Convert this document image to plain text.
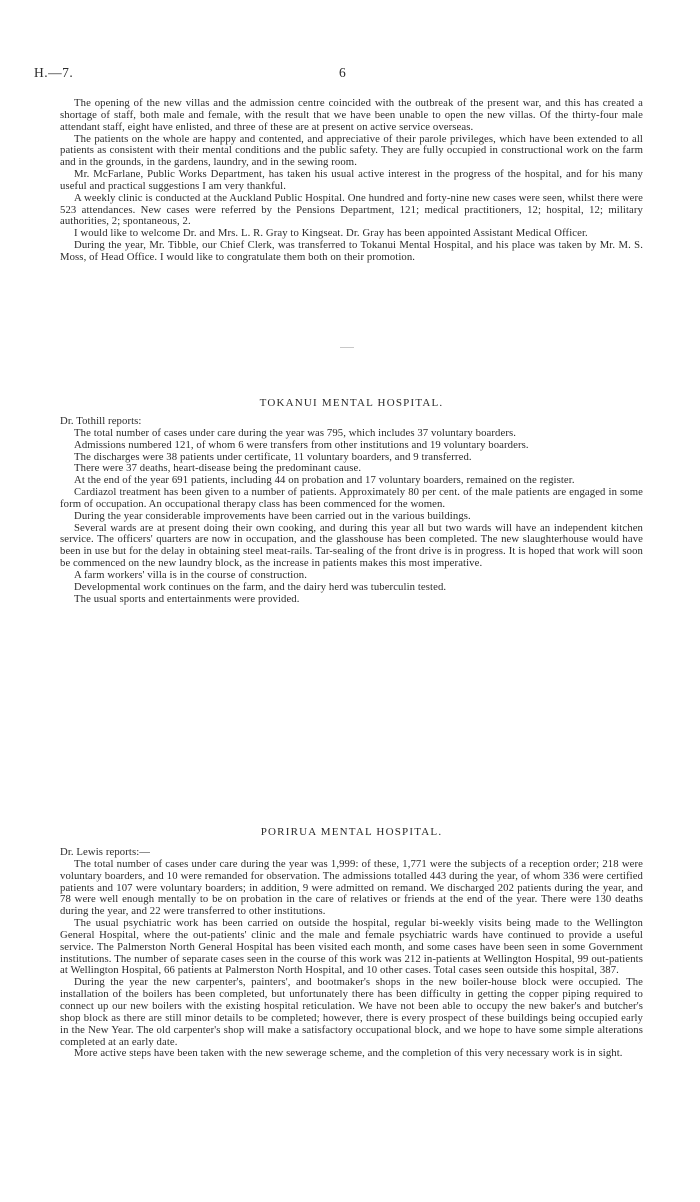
H.—7.	6

The opening of the new villas and the admission centre coincided with the outbreak of the present war, and this has created a shortage of staff, both male and female, with the result that we have been unable to open the new villas. Of the thirty-four male attendant staff, eight have enlisted, and three of these are at present on active service overseas.

The patients on the whole are happy and contented, and appreciative of their parole privileges, which have been extended to all patients as consistent with their mental conditions and the public safety. They are fully occupied in constructional work on the farm and in the grounds, in the gardens, laundry, and in the sewing room.

Mr. McFarlane, Public Works Department, has taken his usual active interest in the progress of the hospital, and for his many useful and practical suggestions I am very thankful.

A weekly clinic is conducted at the Auckland Public Hospital. One hundred and forty-nine new cases were seen, whilst there were 523 attendances. New cases were referred by the Pensions Department, 121; medical practitioners, 12; hospital, 12; military authorities, 2; spontaneous, 2.

I would like to welcome Dr. and Mrs. L. R. Gray to Kingseat. Dr. Gray has been appointed Assistant Medical Officer.

During the year, Mr. Tibble, our Chief Clerk, was transferred to Tokanui Mental Hospital, and his place was taken by Mr. M. S. Moss, of Head Office. I would like to congratulate them both on their promotion.

TOKANUI MENTAL HOSPITAL.

Dr. Tothill reports:

The total number of cases under care during the year was 795, which includes 37 voluntary boarders.

Admissions numbered 121, of whom 6 were transfers from other institutions and 19 voluntary boarders.

The discharges were 38 patients under certificate, 11 voluntary boarders, and 9 transferred.

There were 37 deaths, heart-disease being the predominant cause.

At the end of the year 691 patients, including 44 on probation and 17 voluntary boarders, remained on the register.

Cardiazol treatment has been given to a number of patients. Approximately 80 per cent. of the male patients are engaged in some form of occupation. An occupational therapy class has been commenced for the women.

During the year considerable improvements have been carried out in the various buildings.

Several wards are at present doing their own cooking, and during this year all but two wards will have an independent kitchen service. The officers' quarters are now in occupation, and the glasshouse has been completed. The new slaughterhouse would have been in use but for the delay in obtaining steel meat-rails. Tar-sealing of the front drive is in progress. It is hoped that work will soon be commenced on the new laundry block, as the increase in patients makes this most imperative.

A farm workers' villa is in the course of construction.

Developmental work continues on the farm, and the dairy herd was tuberculin tested.

The usual sports and entertainments were provided.

PORIRUA MENTAL HOSPITAL.

Dr. Lewis reports:—

The total number of cases under care during the year was 1,999: of these, 1,771 were the subjects of a reception order; 218 were voluntary boarders, and 10 were remanded for observation. The admissions totalled 443 during the year, of whom 336 were certified patients and 107 were voluntary boarders; in addition, 9 were admitted on remand. We discharged 202 patients during the year, and 78 were well enough mentally to be on probation in the care of relatives or friends at the end of the year. There were 130 deaths during the year, and 22 were transferred to other institutions.

The usual psychiatric work has been carried on outside the hospital, regular bi-weekly visits being made to the Wellington General Hospital, where the out-patients' clinic and the male and female psychiatric wards have continued to provide a useful service. The Palmerston North General Hospital has been visited each month, and some cases have been seen in some Government institutions. The number of separate cases seen in the course of this work was 212 in-patients at Wellington Hospital, 99 out-patients at Wellington Hospital, 66 patients at Palmerston North Hospital, and 10 other cases. Total cases seen outside this hospital, 387.

During the year the new carpenter's, painters', and bootmaker's shops in the new boiler-house block were occupied. The installation of the boilers has been completed, but unfortunately there has been difficulty in getting the copper piping required to connect up our new boilers with the existing hospital reticulation. We have not been able to occupy the new baker's and butcher's shop block as there are still minor details to be completed; however, there is every prospect of these buildings being occupied early in the New Year. The old carpenter's shop will make a satisfactory occupational block, and we hope to have some simple alterations completed at an early date.

More active steps have been taken with the new sewerage scheme, and the completion of this very necessary work is in sight.
